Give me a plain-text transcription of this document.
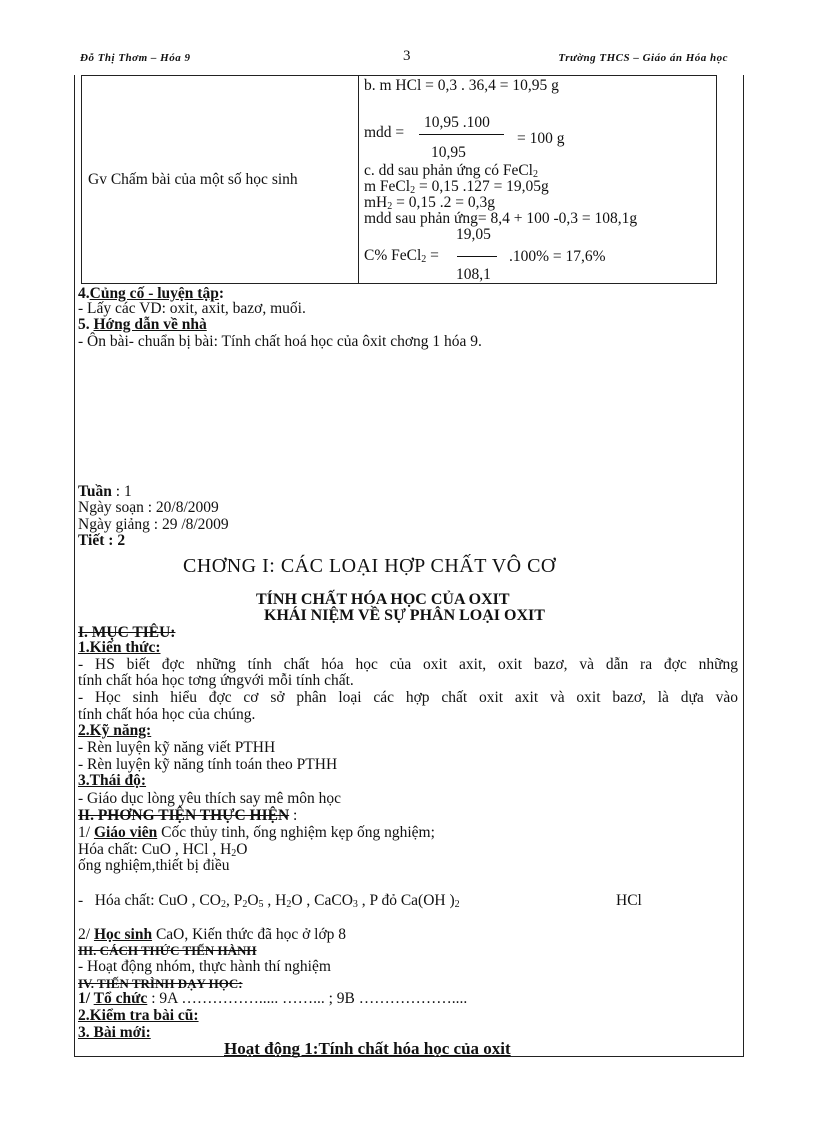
Đỗ Thị Thơm – Hóa 9	3	Trường THCS – Giáo án Hóa học
Gv Chấm bài của một số học sinh	
b. m HCl = 0,3 . 36,4 = 10,95 g
mdd =
10,95 .100
10,95
= 100 g
c. dd sau phản ứng có FeCl$_2$
m FeCl$_2$ = 0,15 .127 = 19,05g
$mH_2 = 0,15$ .2 = 0,3g
mdd sau phản ứng= 8,4 + 100 -0,3 = 108,1g
19,05
C% FeCl$_2$ =	.100% = 17,6%
108,1
4.Củng cố - luyện tập:
- Lấy các VD: oxit, axit, bazơ, muối.
5. Hớng dẫn về nhà
- Ôn bài- chuẩn bị bài: Tính chất hoá học của ôxit chơng 1 hóa 9.
Tuần : 1
Ngày soạn : 20/8/2009
Ngày giảng : 29 /8/2009
Tiết : 2
CHƠNG I: CÁC LOẠI HỢP CHẤT VÔ CƠ
TÍNH CHẤT HÓA HỌC CỦA OXIT
KHÁI NIỆM VỀ SỰ PHÂN LOẠI OXIT
I. MỤC TIÊU:
1.Kiến thức:
- HS biết đợc những tính chất hóa học của oxit axit, oxit bazơ, và dẫn ra đợc những
tính chất hóa học tơng ứngvới mỗi tính chất.
- Học sinh hiểu đợc cơ sở phân loại các hợp chất oxit axit và oxit bazơ, là dựa vào
tính chất hóa học của chúng.
2.Kỹ năng:
- Rèn luyện kỹ năng viết PTHH
- Rèn luyện kỹ năng tính toán theo PTHH
3.Thái độ:
- Giáo dục lòng yêu thích say mê môn học
II. PHƠNG TIỆN THỰC HIỆN :
1/ Giáo viên Cốc thủy tinh, ống nghiệm kẹp ống nghiệm;
Hóa chất: CuO , HCl , $H_2O$
ống nghiệm,thiết bị điều
- Hóa chất: CuO , $CO_2$, $P_2O_5$ , $H_2O$ , CaCO$_3$ , P đỏ Ca(OH )$_2$	HCl
2/ Học sinh CaO, Kiến thức đã học ở lớp 8
III. CÁCH THỨC TIẾN HÀNH
- Hoạt động nhóm, thực hành thí nghiệm
IV. TIẾN TRÌNH DẠY HỌC:
1/ Tổ chức : 9A ……………..... ……... ; 9B ………………....
2.Kiểm tra bài cũ:
3. Bài mới:
Hoạt động 1:Tính chất hóa học của oxit
